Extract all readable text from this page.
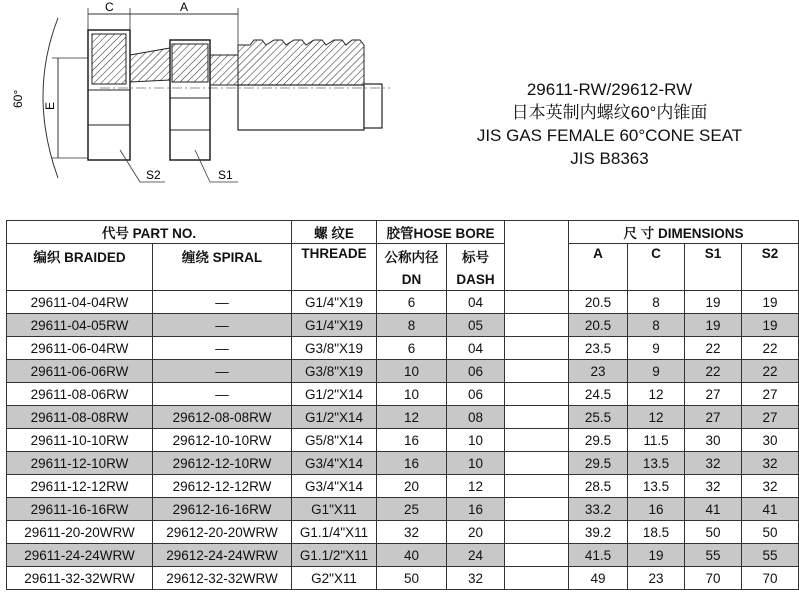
60°
C	A
E
S2	S1
29611-RW/29612-RW
日本英制内螺纹60°内锥面
JIS GAS FEMALE 60°CONE SEAT
JIS B8363
代号 PART NO.		螺 纹E	胶管HOSE BORE			尺 寸 DIMENSIONS			
编织 BRAIDED	缠绕 SPIRAL	THREADE	公称内径	标号		A	C	S1	S2
			DN	DASH					
29611-04-04RW	—	G1/4"X19	6	04		20.5	8	19	19
29611-04-05RW	—	G1/4"X19	8	05		20.5	8	19	19
29611-06-04RW	—	G3/8"X19	6	04		23.5	9	22	22
29611-06-06RW	—	G3/8"X19	10	06		23	9	22	22
29611-08-06RW	—	G1/2"X14	10	06		24.5	12	27	27
29611-08-08RW	29612-08-08RW	G1/2"X14	12	08		25.5	12	27	27
29611-10-10RW	29612-10-10RW	G5/8"X14	16	10		29.5	11.5	30	30
29611-12-10RW	29612-12-10RW	G3/4"X14	16	10		29.5	13.5	32	32
29611-12-12RW	29612-12-12RW	G3/4"X14	20	12		28.5	13.5	32	32
29611-16-16RW	29612-16-16RW	G1"X11	25	16		33.2	16	41	41
29611-20-20WRW	29612-20-20WRW	G1.1/4"X11	32	20		39.2	18.5	50	50
29611-24-24WRW	29612-24-24WRW	G1.1/2"X11	40	24		41.5	19	55	55
29611-32-32WRW	29612-32-32WRW	G2"X11	50	32		49	23	70	70
